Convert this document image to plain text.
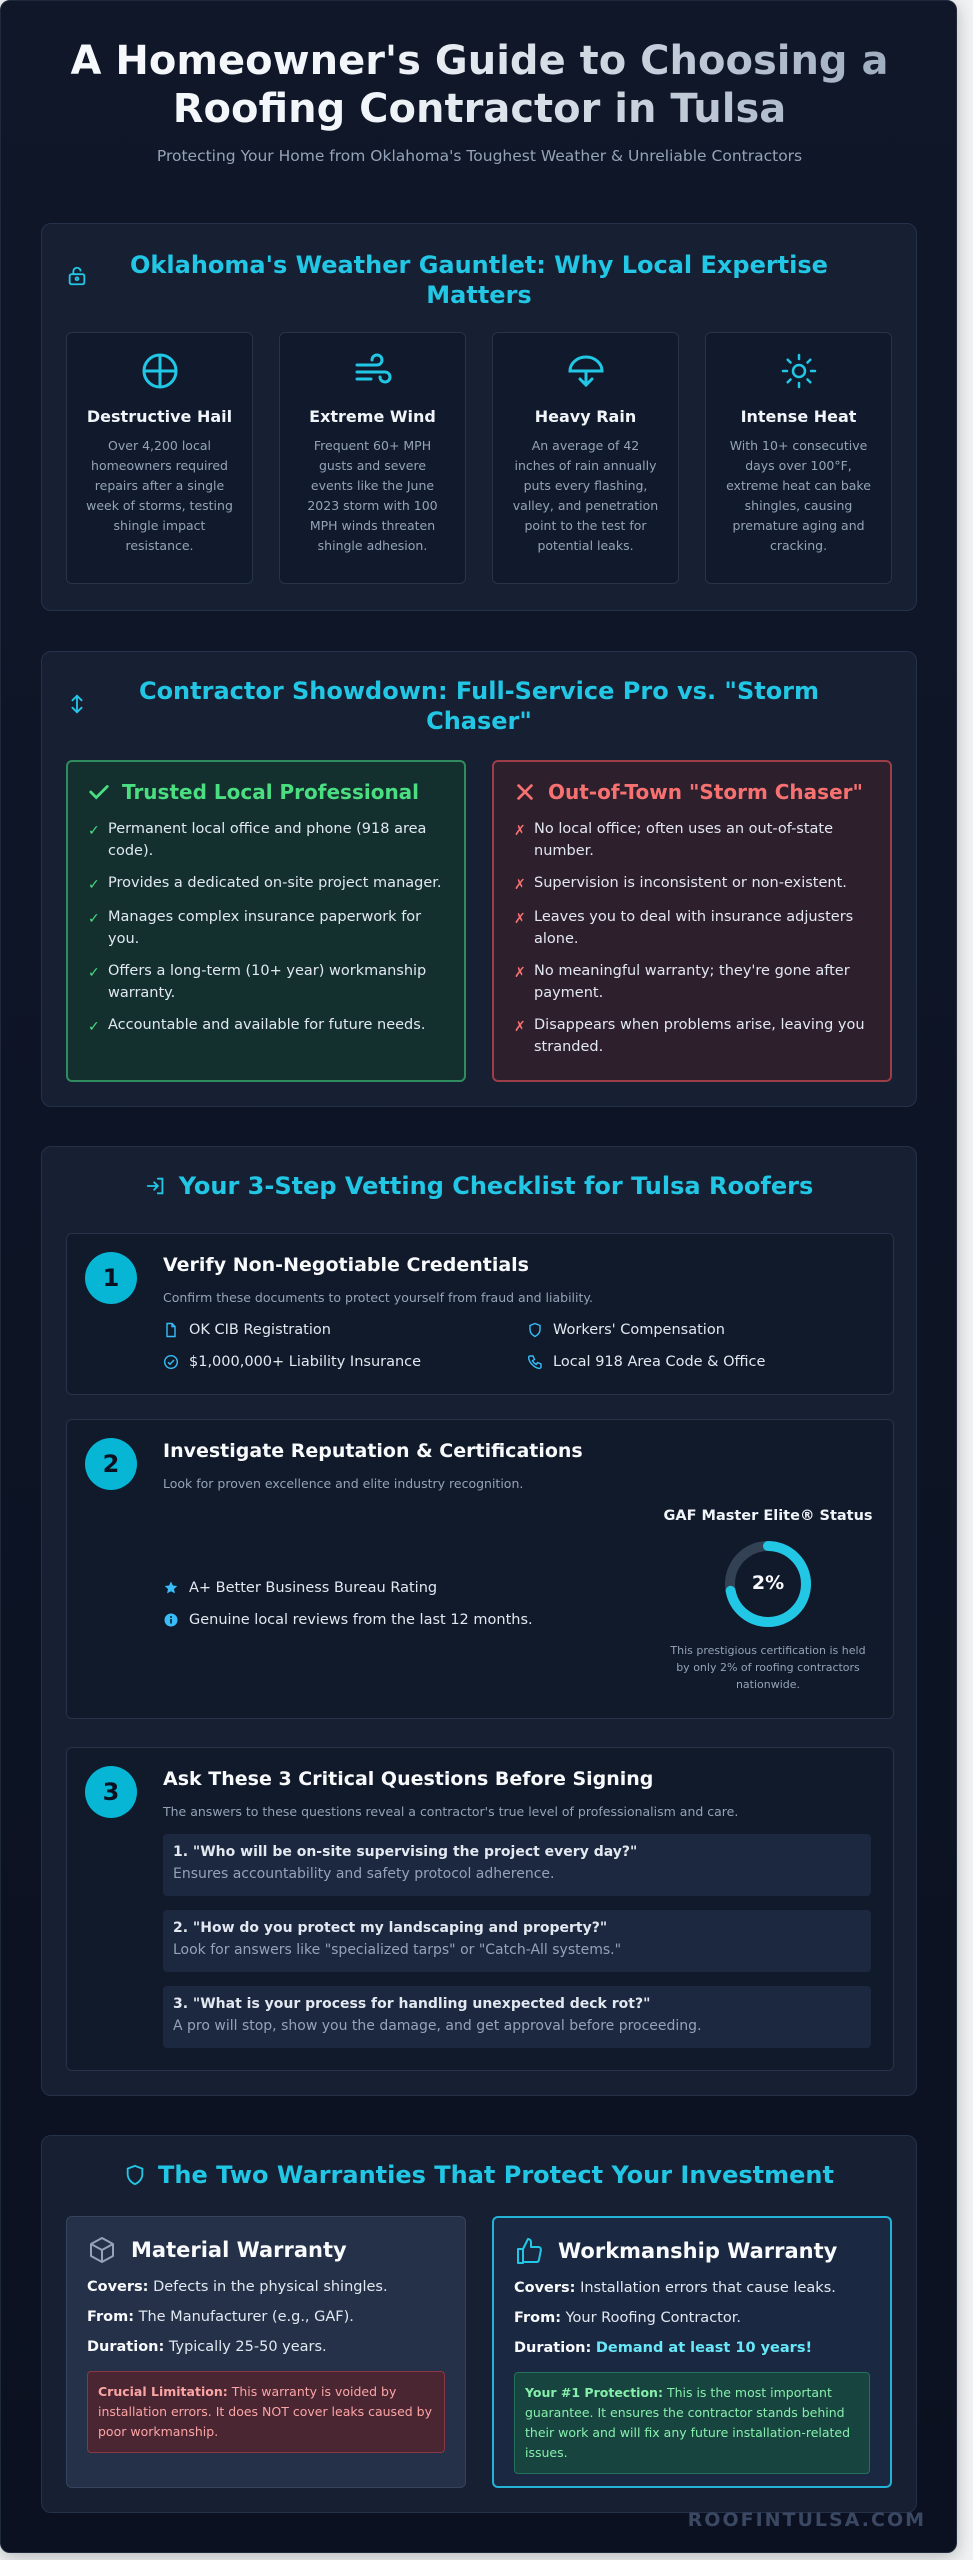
A Homeowner's Guide to Choosing a Roofing Contractor in Tulsa

Protecting Your Home from Oklahoma's Toughest Weather & Unreliable Contractors

Oklahoma's Weather Gauntlet: Why Local Expertise Matters
Destructive Hail

Over 4,200 local homeowners required repairs after a single week of storms, testing shingle impact resistance.

Extreme Wind

Frequent 60+ MPH gusts and severe events like the June 2023 storm with 100 MPH winds threaten shingle adhesion.

Heavy Rain

An average of 42 inches of rain annually puts every flashing, valley, and penetration point to the test for potential leaks.

Intense Heat

With 10+ consecutive days over 100°F, extreme heat can bake shingles, causing premature aging and cracking.

Contractor Showdown: Full-Service Pro vs. "Storm Chaser"
Trusted Local Professional
✓ Permanent local office and phone (918 area code).
✓ Provides a dedicated on-site project manager.
✓ Manages complex insurance paperwork for you.
✓ Offers a long-term (10+ year) workmanship warranty.
✓ Accountable and available for future needs.
Out-of-Town "Storm Chaser"
✗ No local office; often uses an out-of-state number.
✗ Supervision is inconsistent or non-existent.
✗ Leaves you to deal with insurance adjusters alone.
✗ No meaningful warranty; they're gone after payment.
✗ Disappears when problems arise, leaving you stranded.
Your 3-Step Vetting Checklist for Tulsa Roofers
1	Verify Non-Negotiable Credentials
Confirm these documents to protect yourself from fraud and liability.
OK CIB Registration	Workers' Compensation
$1,000,000+ Liability Insurance	Local 918 Area Code & Office
2	Investigate Reputation & Certifications
Look for proven excellence and elite industry recognition.
A+ Better Business Bureau Rating
Genuine local reviews from the last 12 months.
GAF Master Elite® Status
2%

This prestigious certification is held by only 2% of roofing contractors nationwide.

3	Ask These 3 Critical Questions Before Signing
The answers to these questions reveal a contractor's true level of professionalism and care.
1. "Who will be on-site supervising the project every day?"
Ensures accountability and safety protocol adherence.
2. "How do you protect my landscaping and property?"
Look for answers like "specialized tarps" or "Catch-All systems."
3. "What is your process for handling unexpected deck rot?"
A pro will stop, show you the damage, and get approval before proceeding.
The Two Warranties That Protect Your Investment
Material Warranty
Covers: Defects in the physical shingles.
From: The Manufacturer (e.g., GAF).
Duration: Typically 25-50 years.
Crucial Limitation: This warranty is voided by installation errors. It does NOT cover leaks caused by poor workmanship.
Workmanship Warranty
Covers: Installation errors that cause leaks.
From: Your Roofing Contractor.
Duration: Demand at least 10 years!
Your #1 Protection: This is the most important guarantee. It ensures the contractor stands behind their work and will fix any future installation-related issues.
ROOFINTULSA.COM
